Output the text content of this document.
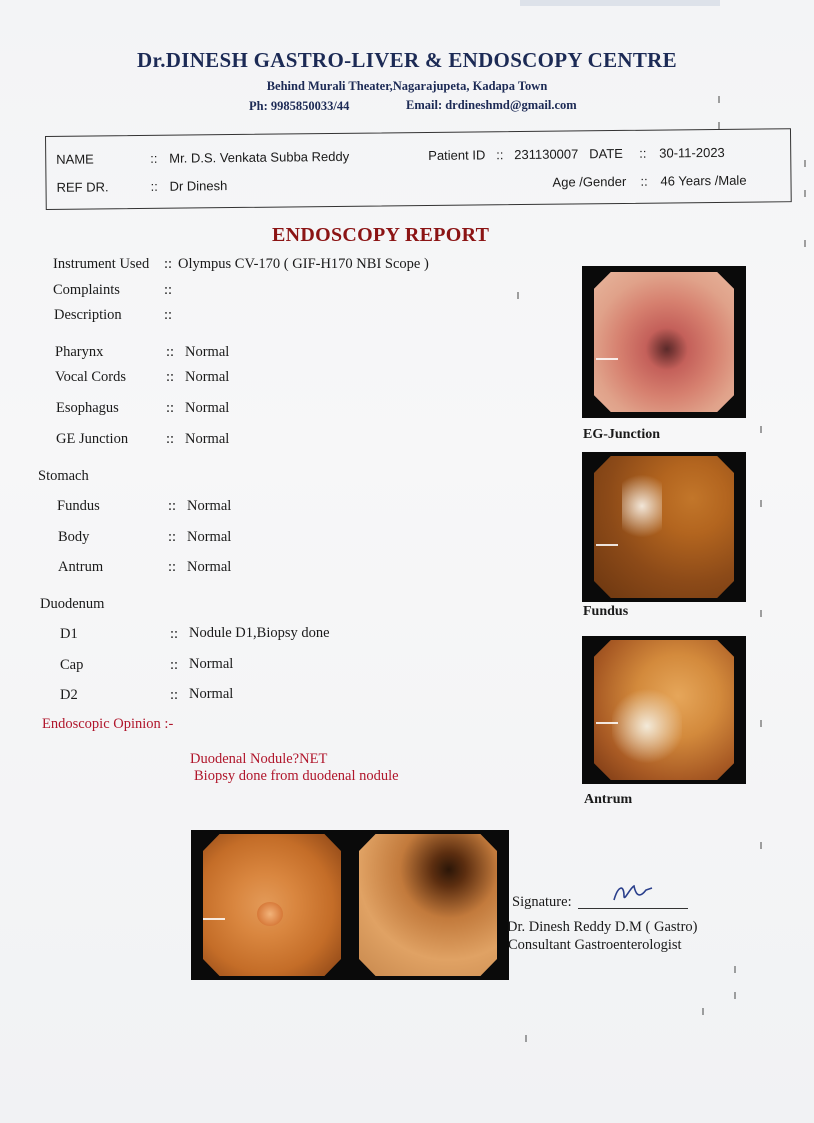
Dr.DINESH GASTRO-LIVER & ENDOSCOPY CENTRE
Behind Murali Theater,Nagarajupeta, Kadapa Town
Ph: 9985850033/44	Email: drdineshmd@gmail.com
NAME	:: Mr. D.S. Venkata Subba Reddy	Patient ID :: 231130007 DATE :: 30-11-2023
REF DR.	:: Dr Dinesh	Age /Gender :: 46 Years /Male
ENDOSCOPY REPORT
Instrument Used :: Olympus CV-170 ( GIF-H170 NBI Scope )
Complaints	::
Description	::
Pharynx	:: Normal
Vocal Cords	:: Normal
Esophagus	:: Normal
GE Junction	:: Normal
Stomach
Fundus	:: Normal
Body	:: Normal
Antrum	:: Normal
Duodenum
D1	:: Nodule D1,Biopsy done
Cap	:: Normal
D2	:: Normal
Endoscopic Opinion :-
Duodenal Nodule?NET
Biopsy done from duodenal nodule
EG-Junction
Fundus
Antrum
Signature:
Dr. Dinesh Reddy D.M ( Gastro)
Consultant Gastroenterologist
